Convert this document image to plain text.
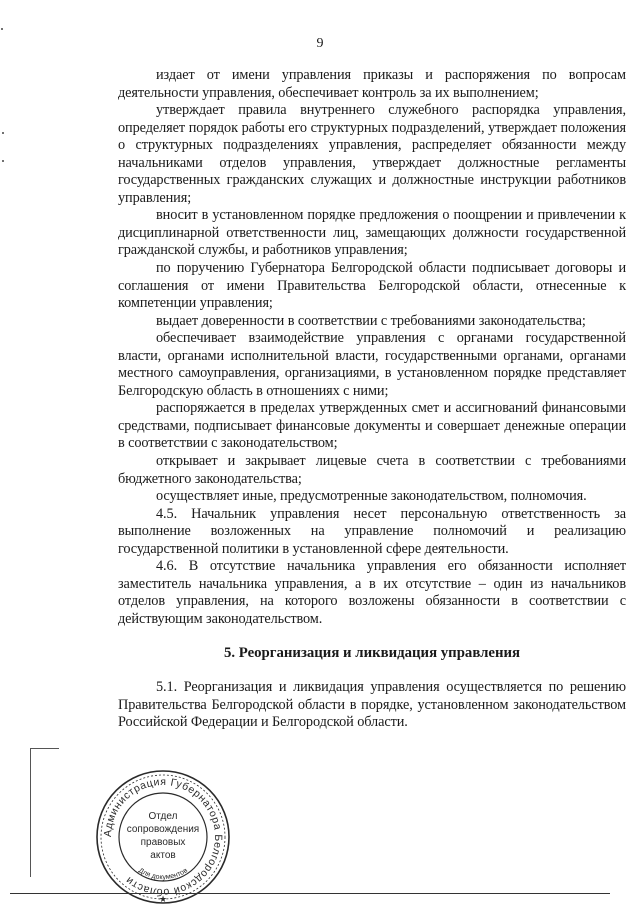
9

издает от имени управления приказы и распоряжения по вопросам деятельности управления, обеспечивает контроль за их выполнением;

утверждает правила внутреннего служебного распорядка управления, определяет порядок работы его структурных подразделений, утверждает положения о структурных подразделениях управления, распределяет обязанности между начальниками отделов управления, утверждает должностные регламенты государственных гражданских служащих и должностные инструкции работников управления;

вносит в установленном порядке предложения о поощрении и привлечении к дисциплинарной ответственности лиц, замещающих должности государственной гражданской службы, и работников управления;

по поручению Губернатора Белгородской области подписывает договоры и соглашения от имени Правительства Белгородской области, отнесенные к компетенции управления;

выдает доверенности в соответствии с требованиями законодательства;

обеспечивает взаимодействие управления с органами государственной власти, органами исполнительной власти, государственными органами, органами местного самоуправления, организациями, в установленном порядке представляет Белгородскую область в отношениях с ними;

распоряжается в пределах утвержденных смет и ассигнований финансовыми средствами, подписывает финансовые документы и совершает денежные операции в соответствии с законодательством;

открывает и закрывает лицевые счета в соответствии с требованиями бюджетного законодательства;

осуществляет иные, предусмотренные законодательством, полномочия.

4.5. Начальник управления несет персональную ответственность за выполнение возложенных на управление полномочий и реализацию государственной политики в установленной сфере деятельности.

4.6. В отсутствие начальника управления его обязанности исполняет заместитель начальника управления, а в их отсутствие – один из начальников отделов управления, на которого возложены обязанности в соответствии с действующим законодательством.

5. Реорганизация и ликвидация управления

5.1. Реорганизация и ликвидация управления осуществляется по решению Правительства Белгородской области в порядке, установленном законодательством Российской Федерации и Белгородской области.

Администрация Губернатора Белгородской области
Отдел
сопровождения
правовых
актов
Для документов
★
